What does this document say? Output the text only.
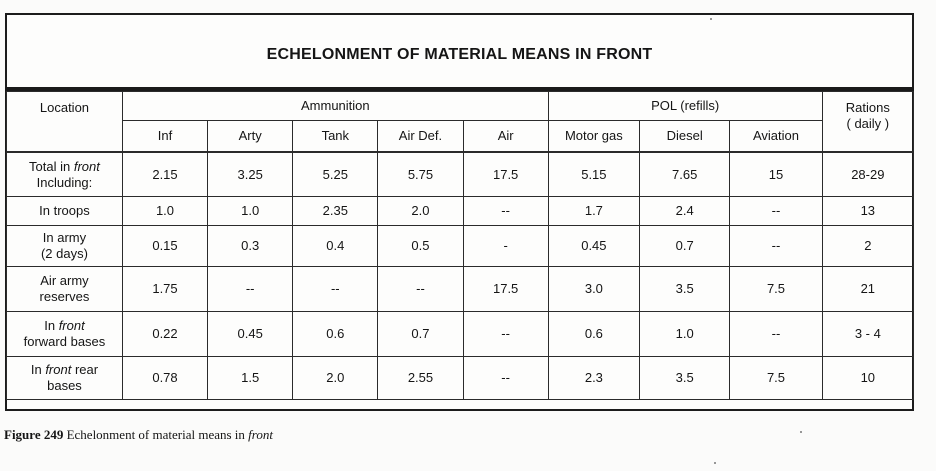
ECHELONMENT OF MATERIAL MEANS IN FRONT
Location	Ammunition					POL (refills)			Rations
( daily )

	Inf	Arty	Tank	Air Def.	Air	Motor gas	Diesel	Aviation	

Total in front
Including:	2.15	3.25	5.25	5.75	17.5	5.15	7.65	15	28-29

In troops	1.0	1.0	2.35	2.0	--	1.7	2.4	--	13

In army
(2 days)	0.15	0.3	0.4	0.5	-	0.45	0.7	--	2

Air army
reserves	1.75	--	--	--	17.5	3.0	3.5	7.5	21

In front
forward bases	0.22	0.45	0.6	0.7	--	0.6	1.0	--	3 - 4

In front rear
bases	0.78	1.5	2.0	2.55	--	2.3	3.5	7.5	10
Figure 249 Echelonment of material means in front
